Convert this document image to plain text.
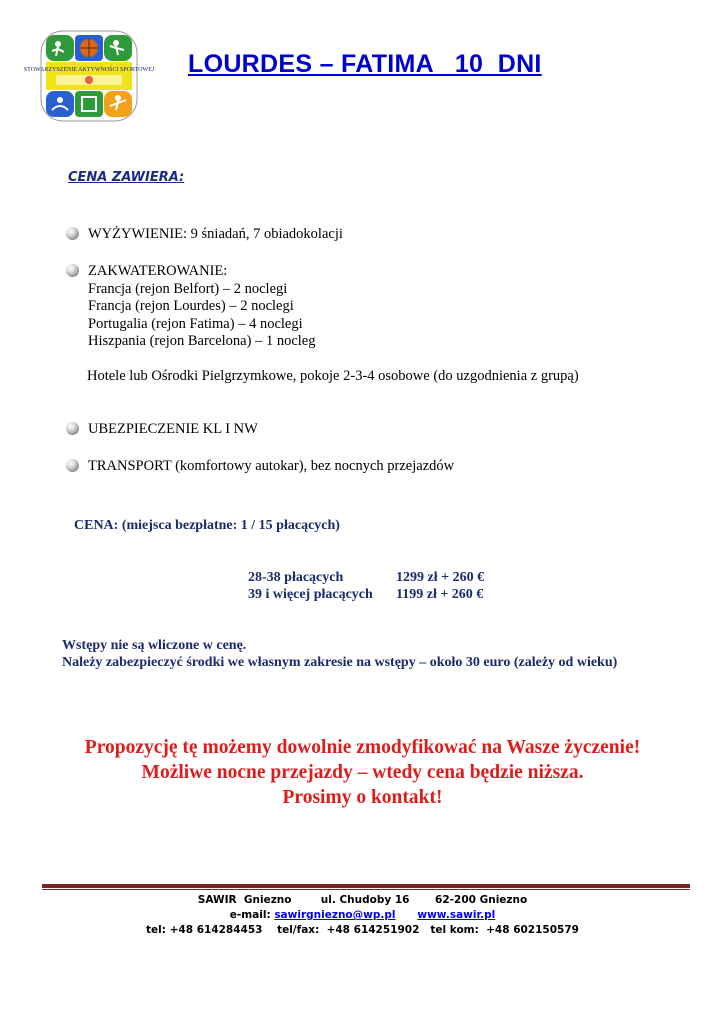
STOWARZYSZENIE AKTYWNOŚCI SPORTOWEJ LOURDES – FATIMA   10  DNI
CENA ZAWIERA:
WYŻYWIENIE: 9 śniadań, 7 obiadokolacji
ZAKWATEROWANIE:
Francja (rejon Belfort) – 2 noclegi
Francja (rejon Lourdes) – 2 noclegi
Portugalia (rejon Fatima) – 4 noclegi
Hiszpania (rejon Barcelona) – 1 nocleg
Hotele lub Ośrodki Pielgrzymkowe, pokoje 2-3-4 osobowe (do uzgodnienia z grupą)
UBEZPIECZENIE KL I NW
TRANSPORT (komfortowy autokar), bez nocnych przejazdów
CENA: (miejsca bezpłatne: 1 / 15 płacących)
28-38 płacących	1299 zł + 260 €
39 i więcej płacących	1199 zł + 260 €
Wstępy nie są wliczone w cenę.
Należy zabezpieczyć środki we własnym zakresie na wstępy – około 30 euro (zależy od wieku)
Propozycję tę możemy dowolnie zmodyfikować na Wasze życzenie!
Możliwe nocne przejazdy – wtedy cena będzie niższa.
Prosimy o kontakt!
SAWIR  Gniezno        ul. Chudoby 16       62-200 Gniezno
e-mail: sawirgniezno@wp.pl www.sawir.pl
tel: +48 614284453    tel/fax:  +48 614251902   tel kom:  +48 602150579
